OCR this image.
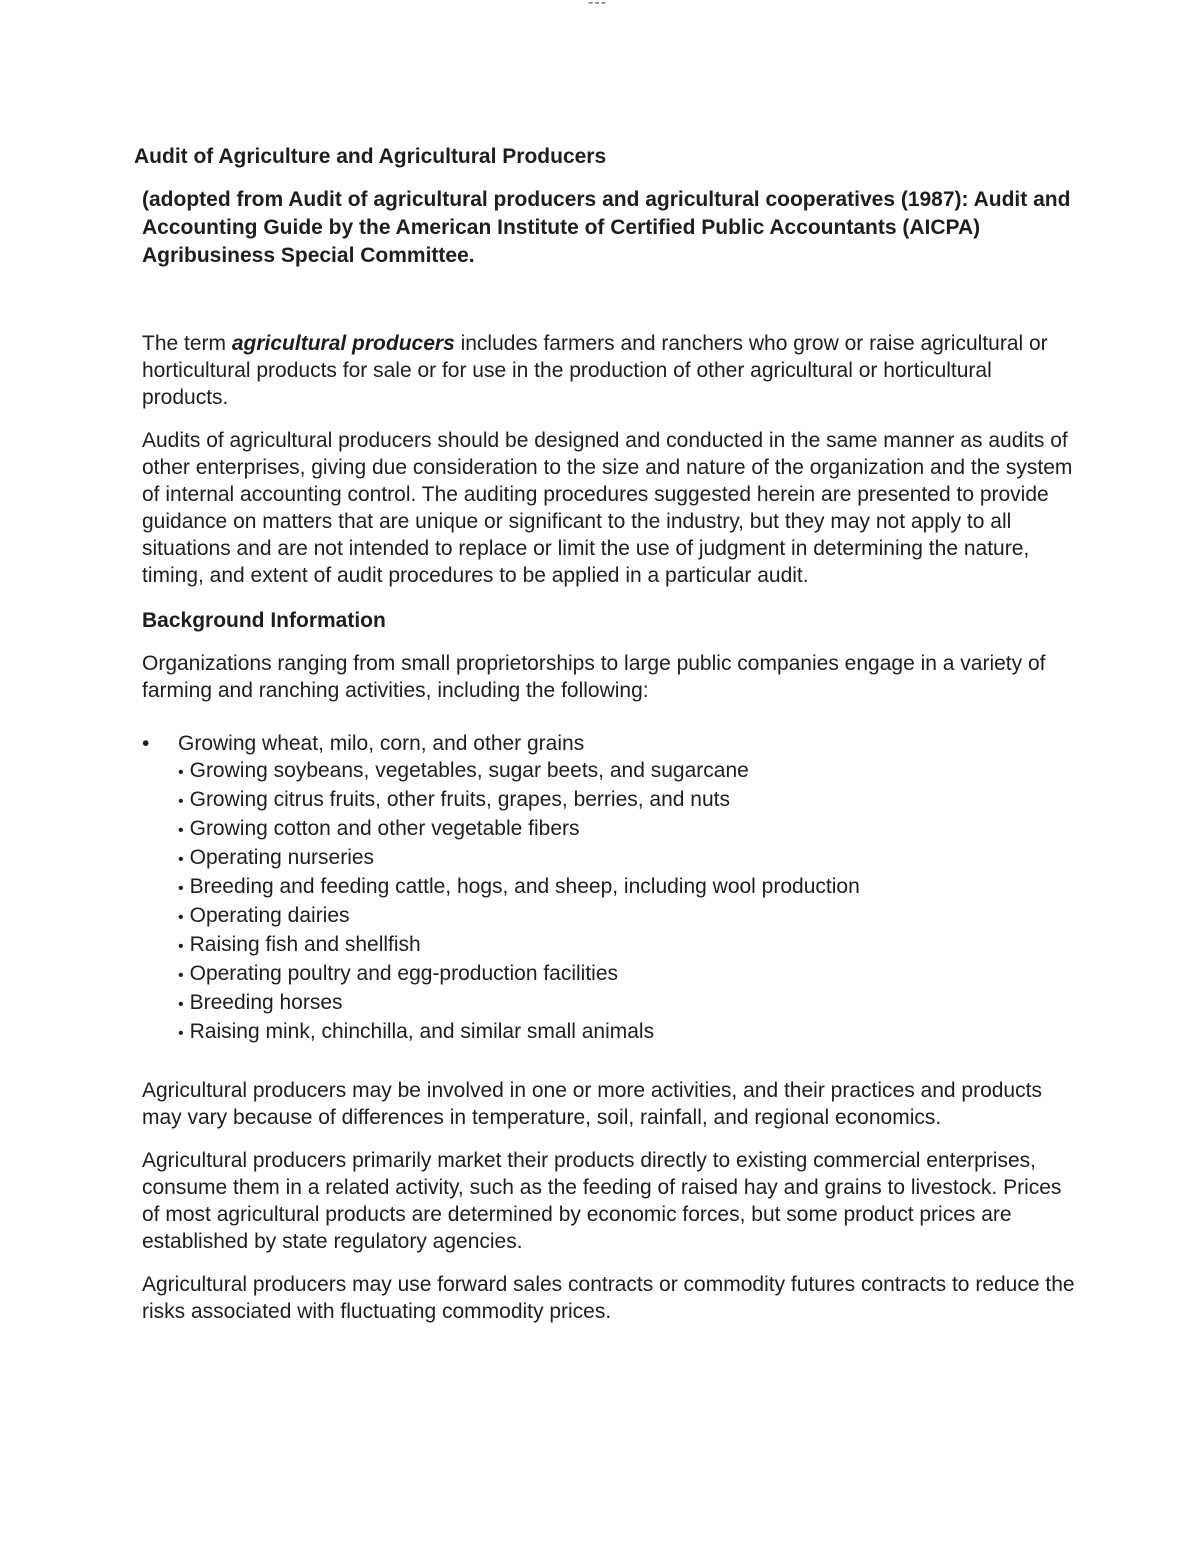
---
Audit of Agriculture and Agricultural Producers

(adopted from Audit of agricultural producers and agricultural cooperatives (1987): Audit and Accounting Guide by the American Institute of Certified Public Accountants (AICPA) Agribusiness Special Committee.

The term agricultural producers includes farmers and ranchers who grow or raise agricultural or horticultural products for sale or for use in the production of other agricultural or horticultural products.

Audits of agricultural producers should be designed and conducted in the same manner as audits of other enterprises, giving due consideration to the size and nature of the organization and the system of internal accounting control. The auditing procedures suggested herein are presented to provide guidance on matters that are unique or significant to the industry, but they may not apply to all situations and are not intended to replace or limit the use of judgment in determining the nature, timing, and extent of audit procedures to be applied in a particular audit.

Background Information

Organizations ranging from small proprietorships to large public companies engage in a variety of farming and ranching activities, including the following:

• Growing wheat, milo, corn, and other grains
• Growing soybeans, vegetables, sugar beets, and sugarcane
• Growing citrus fruits, other fruits, grapes, berries, and nuts
• Growing cotton and other vegetable fibers
• Operating nurseries
• Breeding and feeding cattle, hogs, and sheep, including wool production
• Operating dairies
• Raising fish and shellfish
• Operating poultry and egg-production facilities
• Breeding horses
• Raising mink, chinchilla, and similar small animals

Agricultural producers may be involved in one or more activities, and their practices and products may vary because of differences in temperature, soil, rainfall, and regional economics.

Agricultural producers primarily market their products directly to existing commercial enterprises, consume them in a related activity, such as the feeding of raised hay and grains to livestock. Prices of most agricultural products are determined by economic forces, but some product prices are established by state regulatory agencies.

Agricultural producers may use forward sales contracts or commodity futures contracts to reduce the risks associated with fluctuating commodity prices.
